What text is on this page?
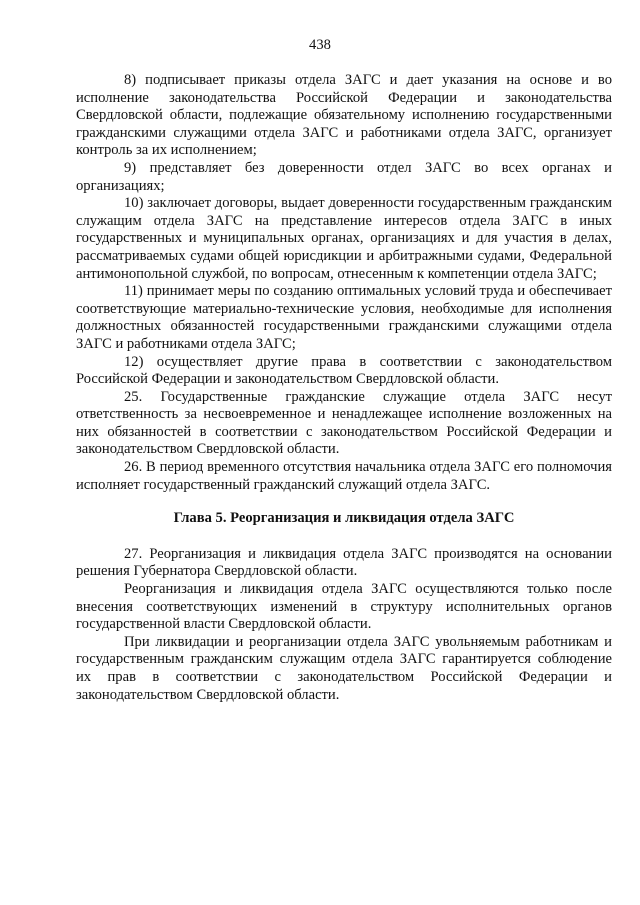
438

8) подписывает приказы отдела ЗАГС и дает указания на основе и во исполнение законодательства Российской Федерации и законодательства Свердловской области, подлежащие обязательному исполнению государственными гражданскими служащими отдела ЗАГС и работниками отдела ЗАГС, организует контроль за их исполнением;

9) представляет без доверенности отдел ЗАГС во всех органах и организациях;

10) заключает договоры, выдает доверенности государственным гражданским служащим отдела ЗАГС на представление интересов отдела ЗАГС в иных государственных и муниципальных органах, организациях и для участия в делах, рассматриваемых судами общей юрисдикции и арбитражными судами, Федеральной антимонопольной службой, по вопросам, отнесенным к компетенции отдела ЗАГС;

11) принимает меры по созданию оптимальных условий труда и обеспечивает соответствующие материально-технические условия, необходимые для исполнения должностных обязанностей государственными гражданскими служащими отдела ЗАГС и работниками отдела ЗАГС;

12) осуществляет другие права в соответствии с законодательством Российской Федерации и законодательством Свердловской области.

25. Государственные гражданские служащие отдела ЗАГС несут ответственность за несвоевременное и ненадлежащее исполнение возложенных на них обязанностей в соответствии с законодательством Российской Федерации и законодательством Свердловской области.

26. В период временного отсутствия начальника отдела ЗАГС его полномочия исполняет государственный гражданский служащий отдела ЗАГС.

Глава 5. Реорганизация и ликвидация отдела ЗАГС

27. Реорганизация и ликвидация отдела ЗАГС производятся на основании решения Губернатора Свердловской области.

Реорганизация и ликвидация отдела ЗАГС осуществляются только после внесения соответствующих изменений в структуру исполнительных органов государственной власти Свердловской области.

При ликвидации и реорганизации отдела ЗАГС увольняемым работникам и государственным гражданским служащим отдела ЗАГС гарантируется соблюдение их прав в соответствии с законодательством Российской Федерации и законодательством Свердловской области.
